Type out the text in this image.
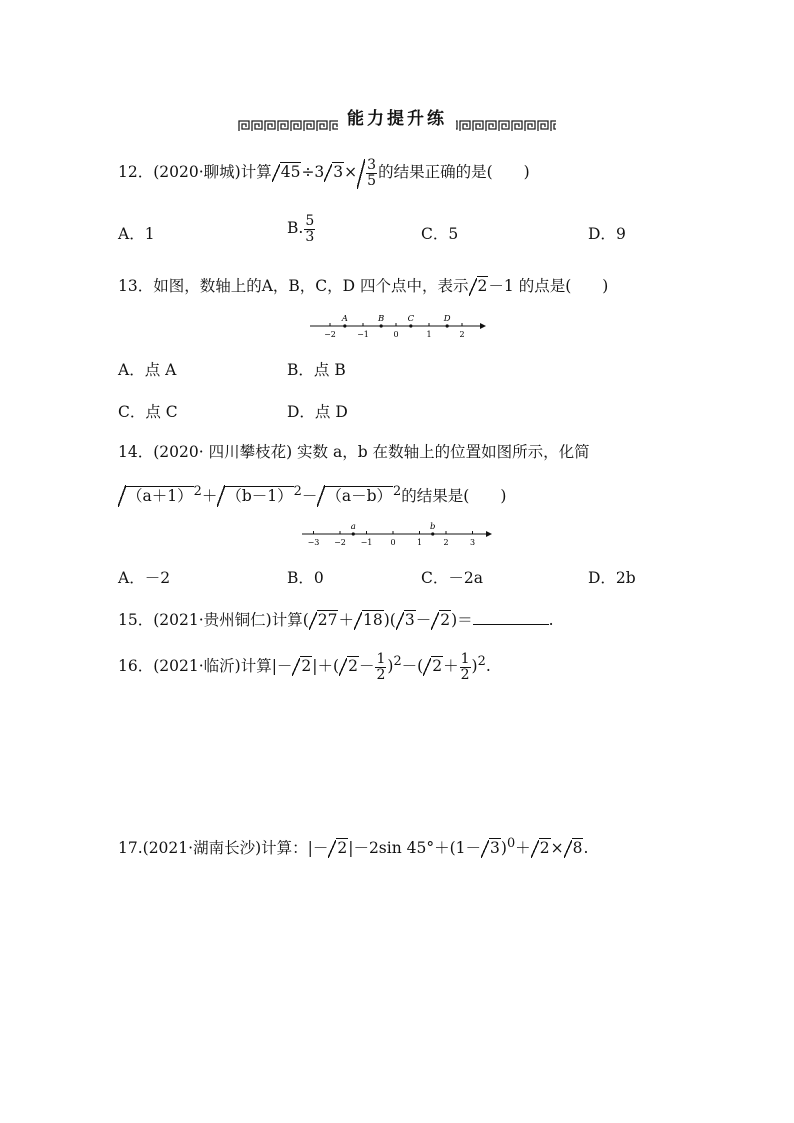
能力提升练
12．(2020·聊城)计算 45÷3 $3\times \frac{3}{5}$ 的结果正确的是(　　)
A．1	B. $\frac{5}{3}$	C．5	D．9
13．如图，数轴上的A，B，C，D 四个点中，表示 2－1 的点是(　　)
−2	−1	0	1	2
A	B	C	D
A．点 A	B．点 B
C．点 C	D．点 D
14．(2020· 四川攀枝花) 实数 a，b 在数轴上的位置如图所示，化简
$(a+1)^2+ (b-1)^2- (a-b)^2$的结果是(　　)
−3 −2 −1 0	1	2	3
a	b
A．－2	B．0	C．－2a	D．2b
15．(2021·贵州铜仁)计算( 27＋ 18)( 3－ 2)＝	.
16．(2021·临沂)计算|－ 2|＋( $2- \frac{1}{2} )^2-$( $2+ \frac{1}{2} )^2$.
17.(2021·湖南长沙)计算：|－ 2|－2sin $45^\circ+(1- 3)^0+ 2\times 8$.
